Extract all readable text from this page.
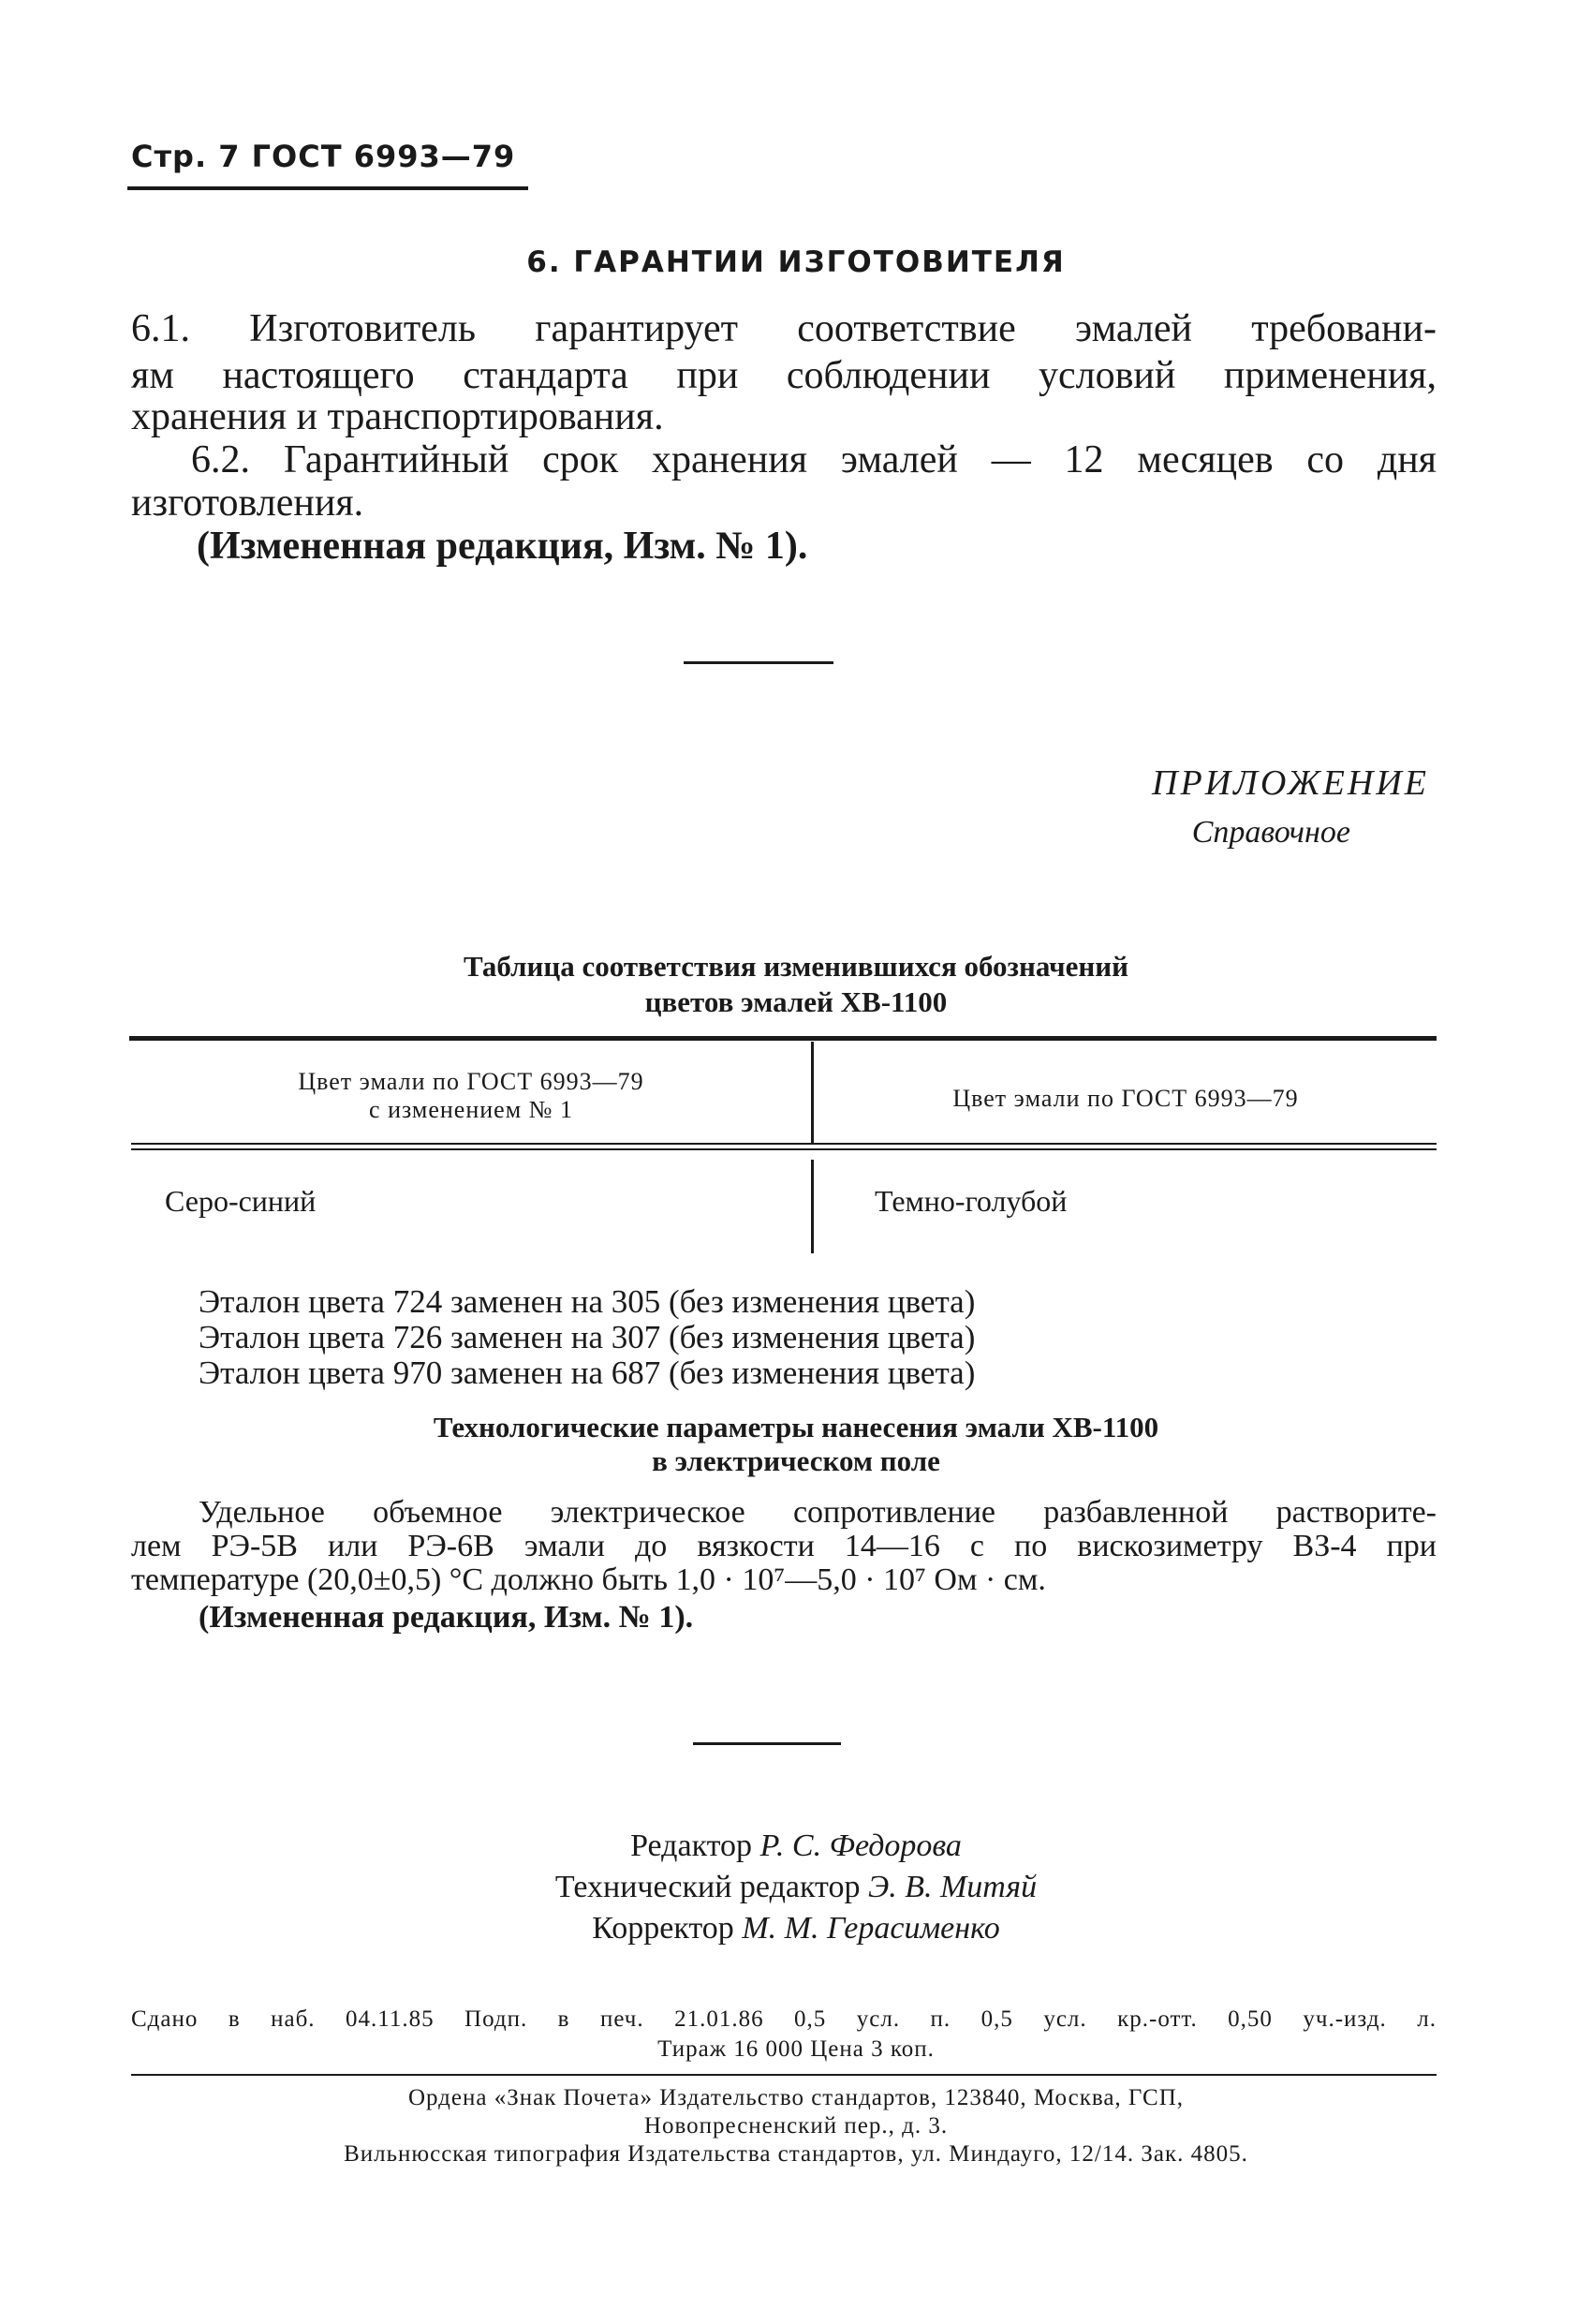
Стр. 7 ГОСТ 6993—79
6. ГАРАНТИИ ИЗГОТОВИТЕЛЯ
6.1. Изготовитель гарантирует соответствие эмалей требовани-
ям настоящего стандарта при соблюдении условий применения,
хранения и транспортирования.
6.2. Гарантийный срок хранения эмалей — 12 месяцев со дня
изготовления.
(Измененная редакция, Изм. № 1).
ПРИЛОЖЕНИЕ
Справочное
Таблица соответствия изменившихся обозначений
цветов эмалей ХВ-1100
Цвет эмали по ГОСТ 6993—79
с изменением № 1	Цвет эмали по ГОСТ 6993—79
Серо-синий	Темно-голубой
Эталон цвета 724 заменен на 305 (без изменения цвета)
Эталон цвета 726 заменен на 307 (без изменения цвета)
Эталон цвета 970 заменен на 687 (без изменения цвета)
Технологические параметры нанесения эмали ХВ-1100
в электрическом поле
Удельное объемное электрическое сопротивление разбавленной растворите-
лем РЭ-5В или РЭ-6В эмали до вязкости 14—16 с по вискозиметру ВЗ-4 при
температуре (20,0±0,5) °С должно быть 1,0 · 10⁷—5,0 · 10⁷ Ом · см.
(Измененная редакция, Изм. № 1).
Редактор Р. С. Федорова
Технический редактор Э. В. Митяй
Корректор М. М. Герасименко
Сдано в наб. 04.11.85 Подп. в печ. 21.01.86 0,5 усл. п. 0,5 усл. кр.-отт. 0,50 уч.-изд. л.
Тираж 16 000 Цена 3 коп.
Ордена «Знак Почета» Издательство стандартов, 123840, Москва, ГСП,
Новопресненский пер., д. 3.
Вильнюсская типография Издательства стандартов, ул. Миндауго, 12/14. Зак. 4805.
